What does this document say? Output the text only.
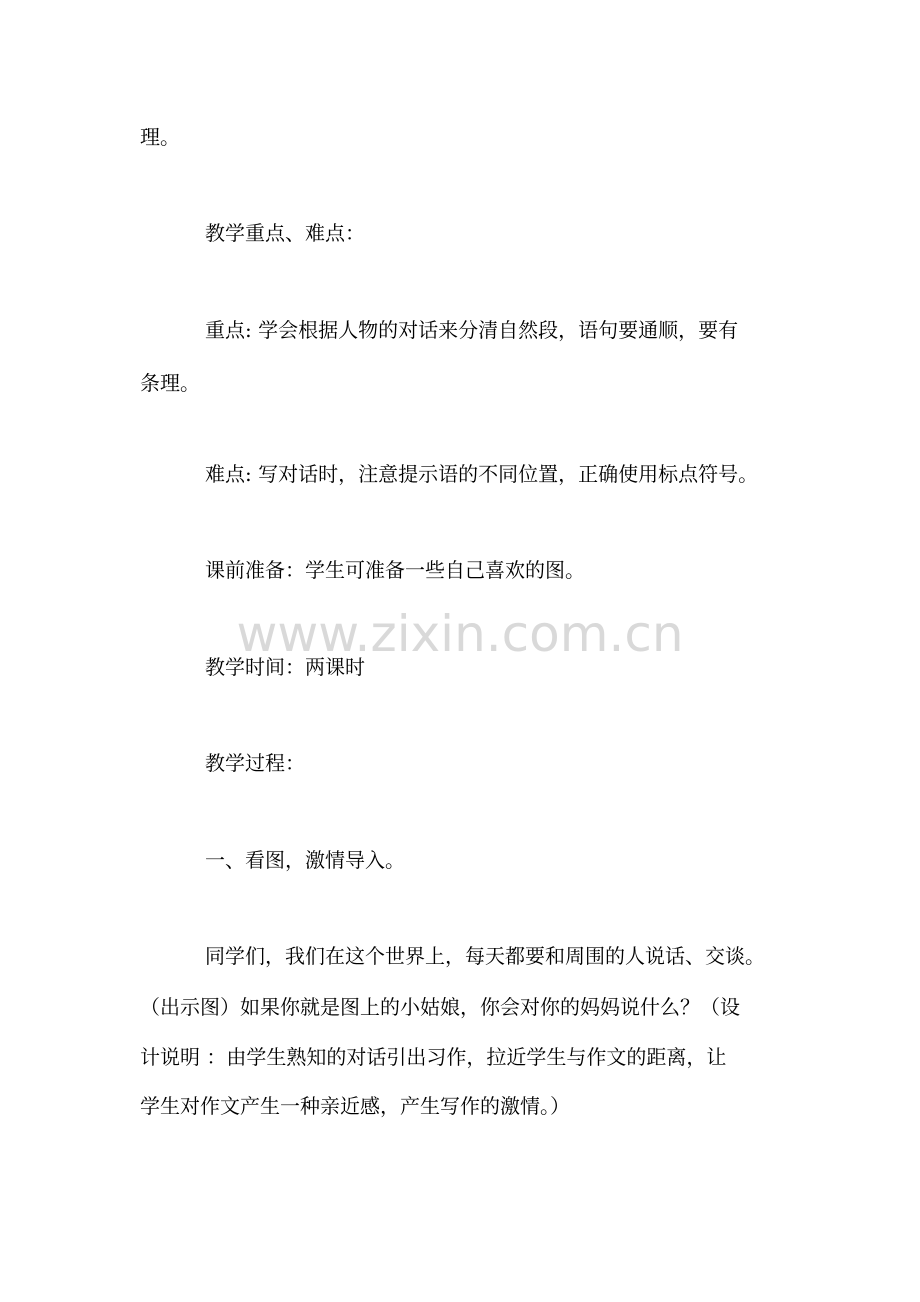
www.zixin.com.cn
理。
教学重点、难点：
重点: 学会根据人物的对话来分清自然段，语句要通顺，要有
条理。
难点: 写对话时，注意提示语的不同位置，正确使用标点符号。
课前准备：学生可准备一些自己喜欢的图。
教学时间：两课时
教学过程：
一、看图，激情导入。
同学们，我们在这个世界上，每天都要和周围的人说话、交谈。
（出示图）如果你就是图上的小姑娘，你会对你的妈妈说什么？（设
计说明 ：由学生熟知的对话引出习作，拉近学生与作文的距离，让
学生对作文产生一种亲近感，产生写作的激情。）
